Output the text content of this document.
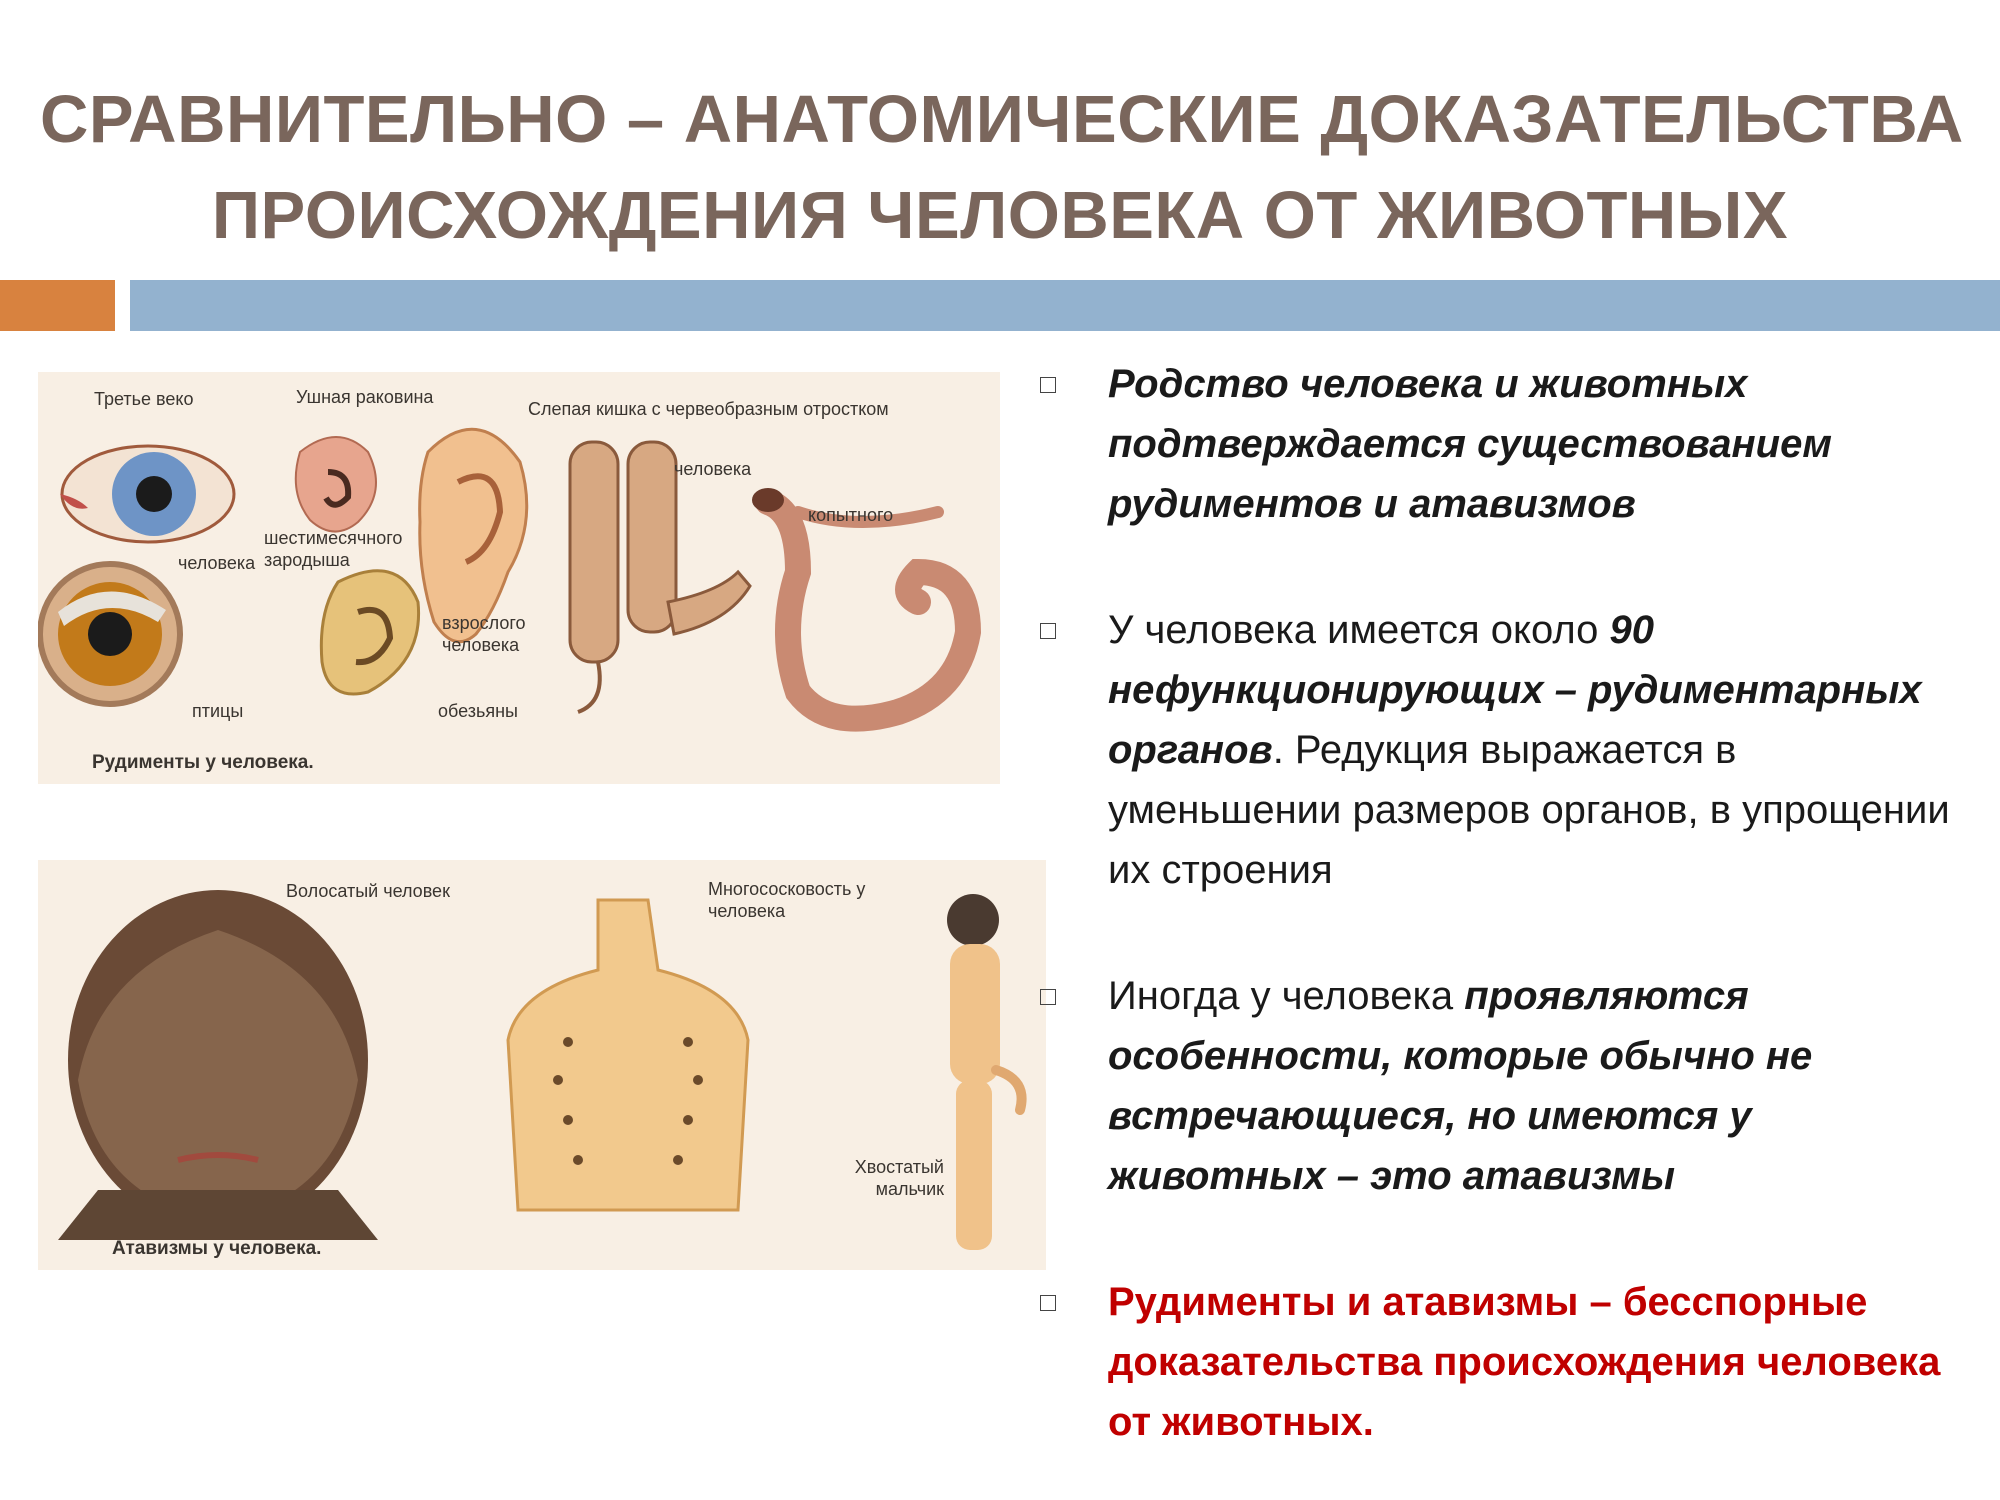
СРАВНИТЕЛЬНО – АНАТОМИЧЕСКИЕ ДОКАЗАТЕЛЬСТВА
ПРОИСХОЖДЕНИЯ ЧЕЛОВЕКА ОТ ЖИВОТНЫХ
Третье веко	Ушная раковина
Слепая кишка с червеобразным отростком
человека
птицы
шестимесячного зародыша
взрослого человека
обезьяны
человека
копытного
Рудименты у человека.
Волосатый человек	Многососковость у человека
Хвостатый мальчик
Атавизмы у человека.
Родство человека и животных подтверждается существованием рудиментов и атавизмов
У человека имеется около 90 нефункционирующих – рудиментарных органов. Редукция выражается в уменьшении размеров органов, в упрощении их строения
Иногда у человека проявляются особенности, которые обычно не встречающиеся, но имеются у животных – это атавизмы
Рудименты и атавизмы – бесспорные доказательства происхождения человека от животных.
